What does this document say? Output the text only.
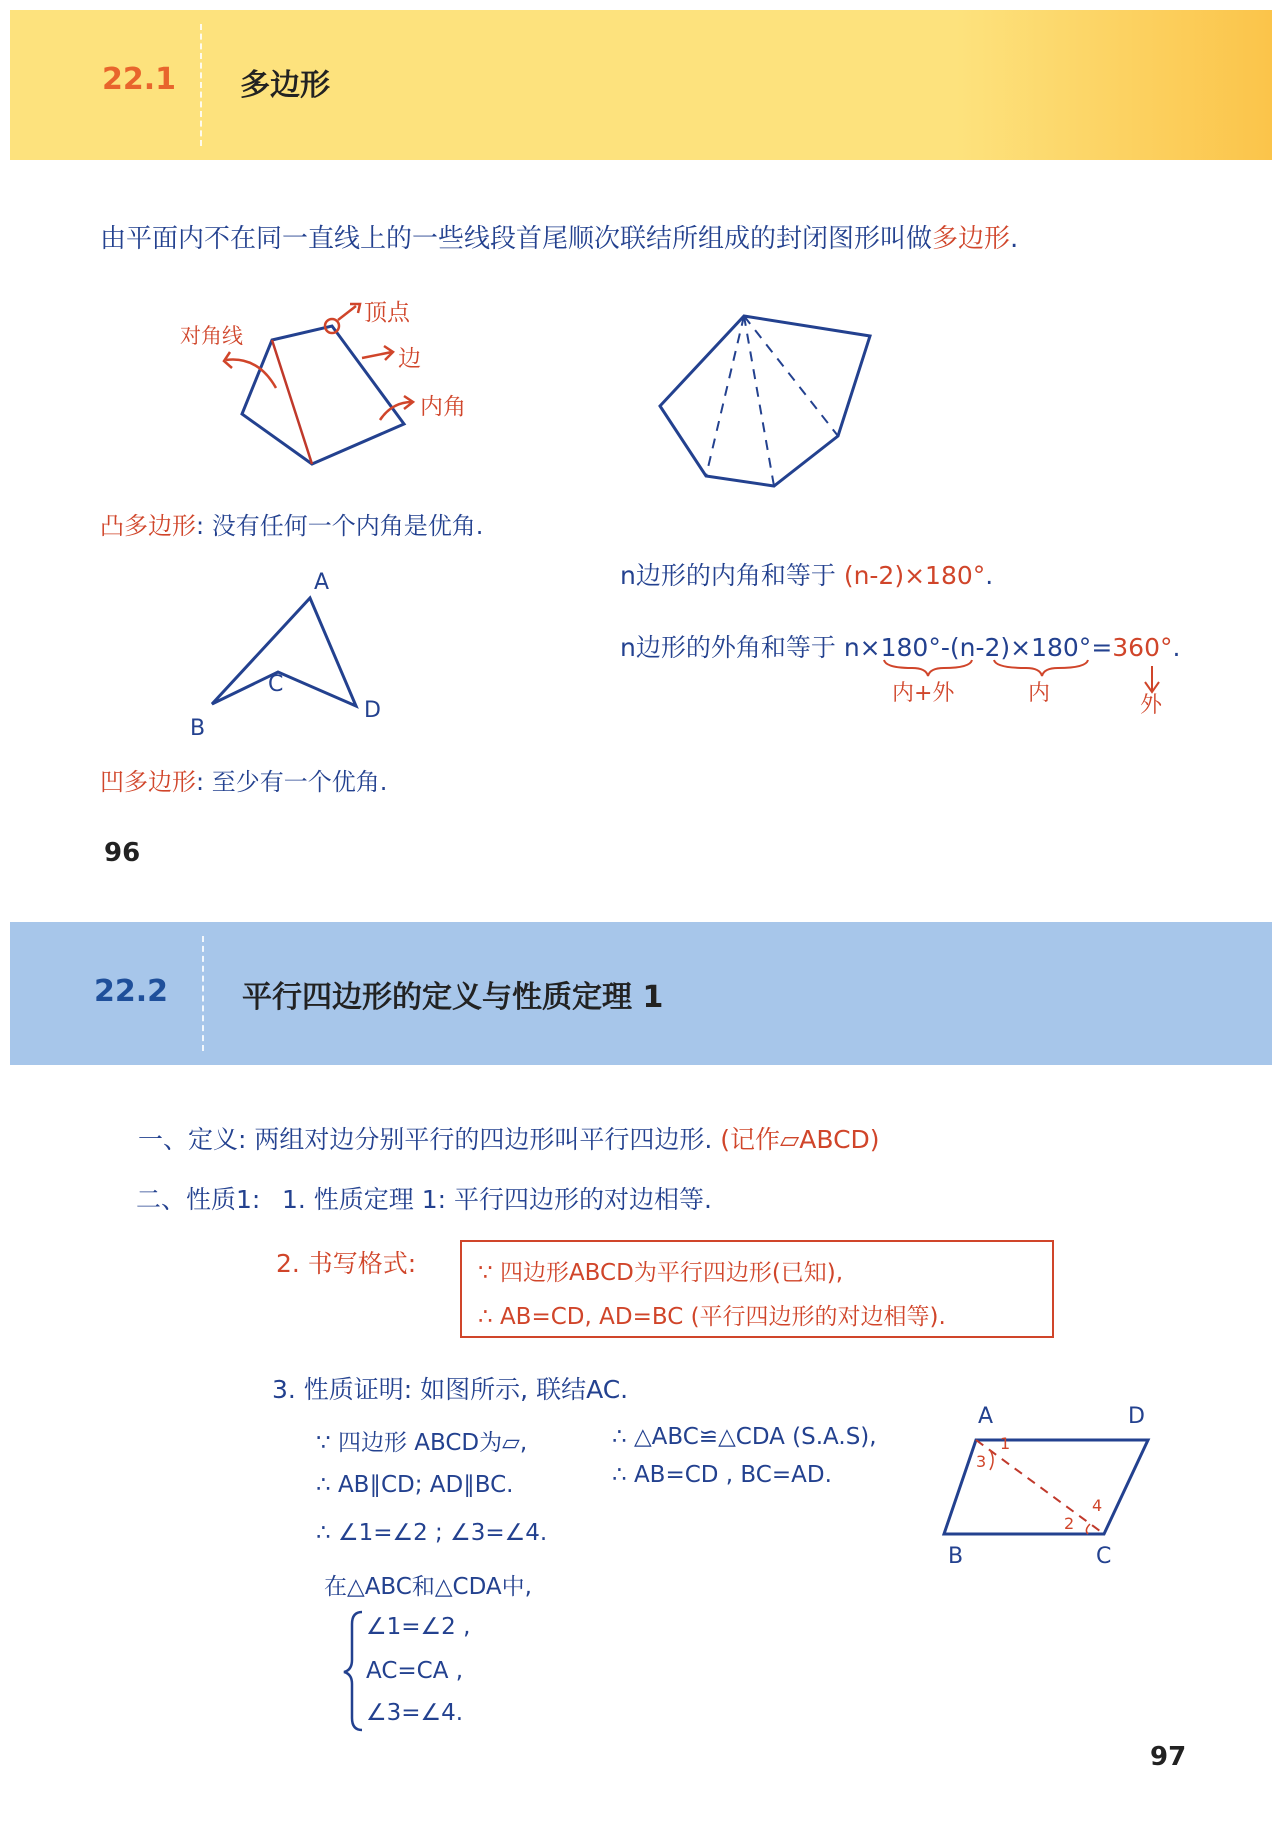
22.1 多边形
由平面内不在同一直线上的一些线段首尾顺次联结所组成的封闭图形叫做多边形.
对角线
顶点
边
内角
凸多边形: 没有任何一个内角是优角.
A
B
C
D
凹多边形: 至少有一个优角.
n边形的内角和等于 (n-2)×180°.
n边形的外角和等于 n×180°-(n-2)×180°=360°.
内+外	内	外
96
22.2 平行四边形的定义与性质定理 1
一、定义: 两组对边分别平行的四边形叫平行四边形. (记作▱ABCD)
二、性质1: 1. 性质定理 1: 平行四边形的对边相等.
2. 书写格式:	∵ 四边形ABCD为平行四边形(已知),
∴ AB=CD, AD=BC (平行四边形的对边相等).
3. 性质证明: 如图所示, 联结AC.
∵ 四边形 ABCD为▱,
∴ AB∥CD; AD∥BC.
∴ ∠1=∠2 ; ∠3=∠4.
在△ABC和△CDA中,
∠1=∠2 ,
AC=CA ,
∠3=∠4.
∴ △ABC≌△CDA (S.A.S),
∴ AB=CD , BC=AD.
A	D
B	C
1
3
2
4
97
